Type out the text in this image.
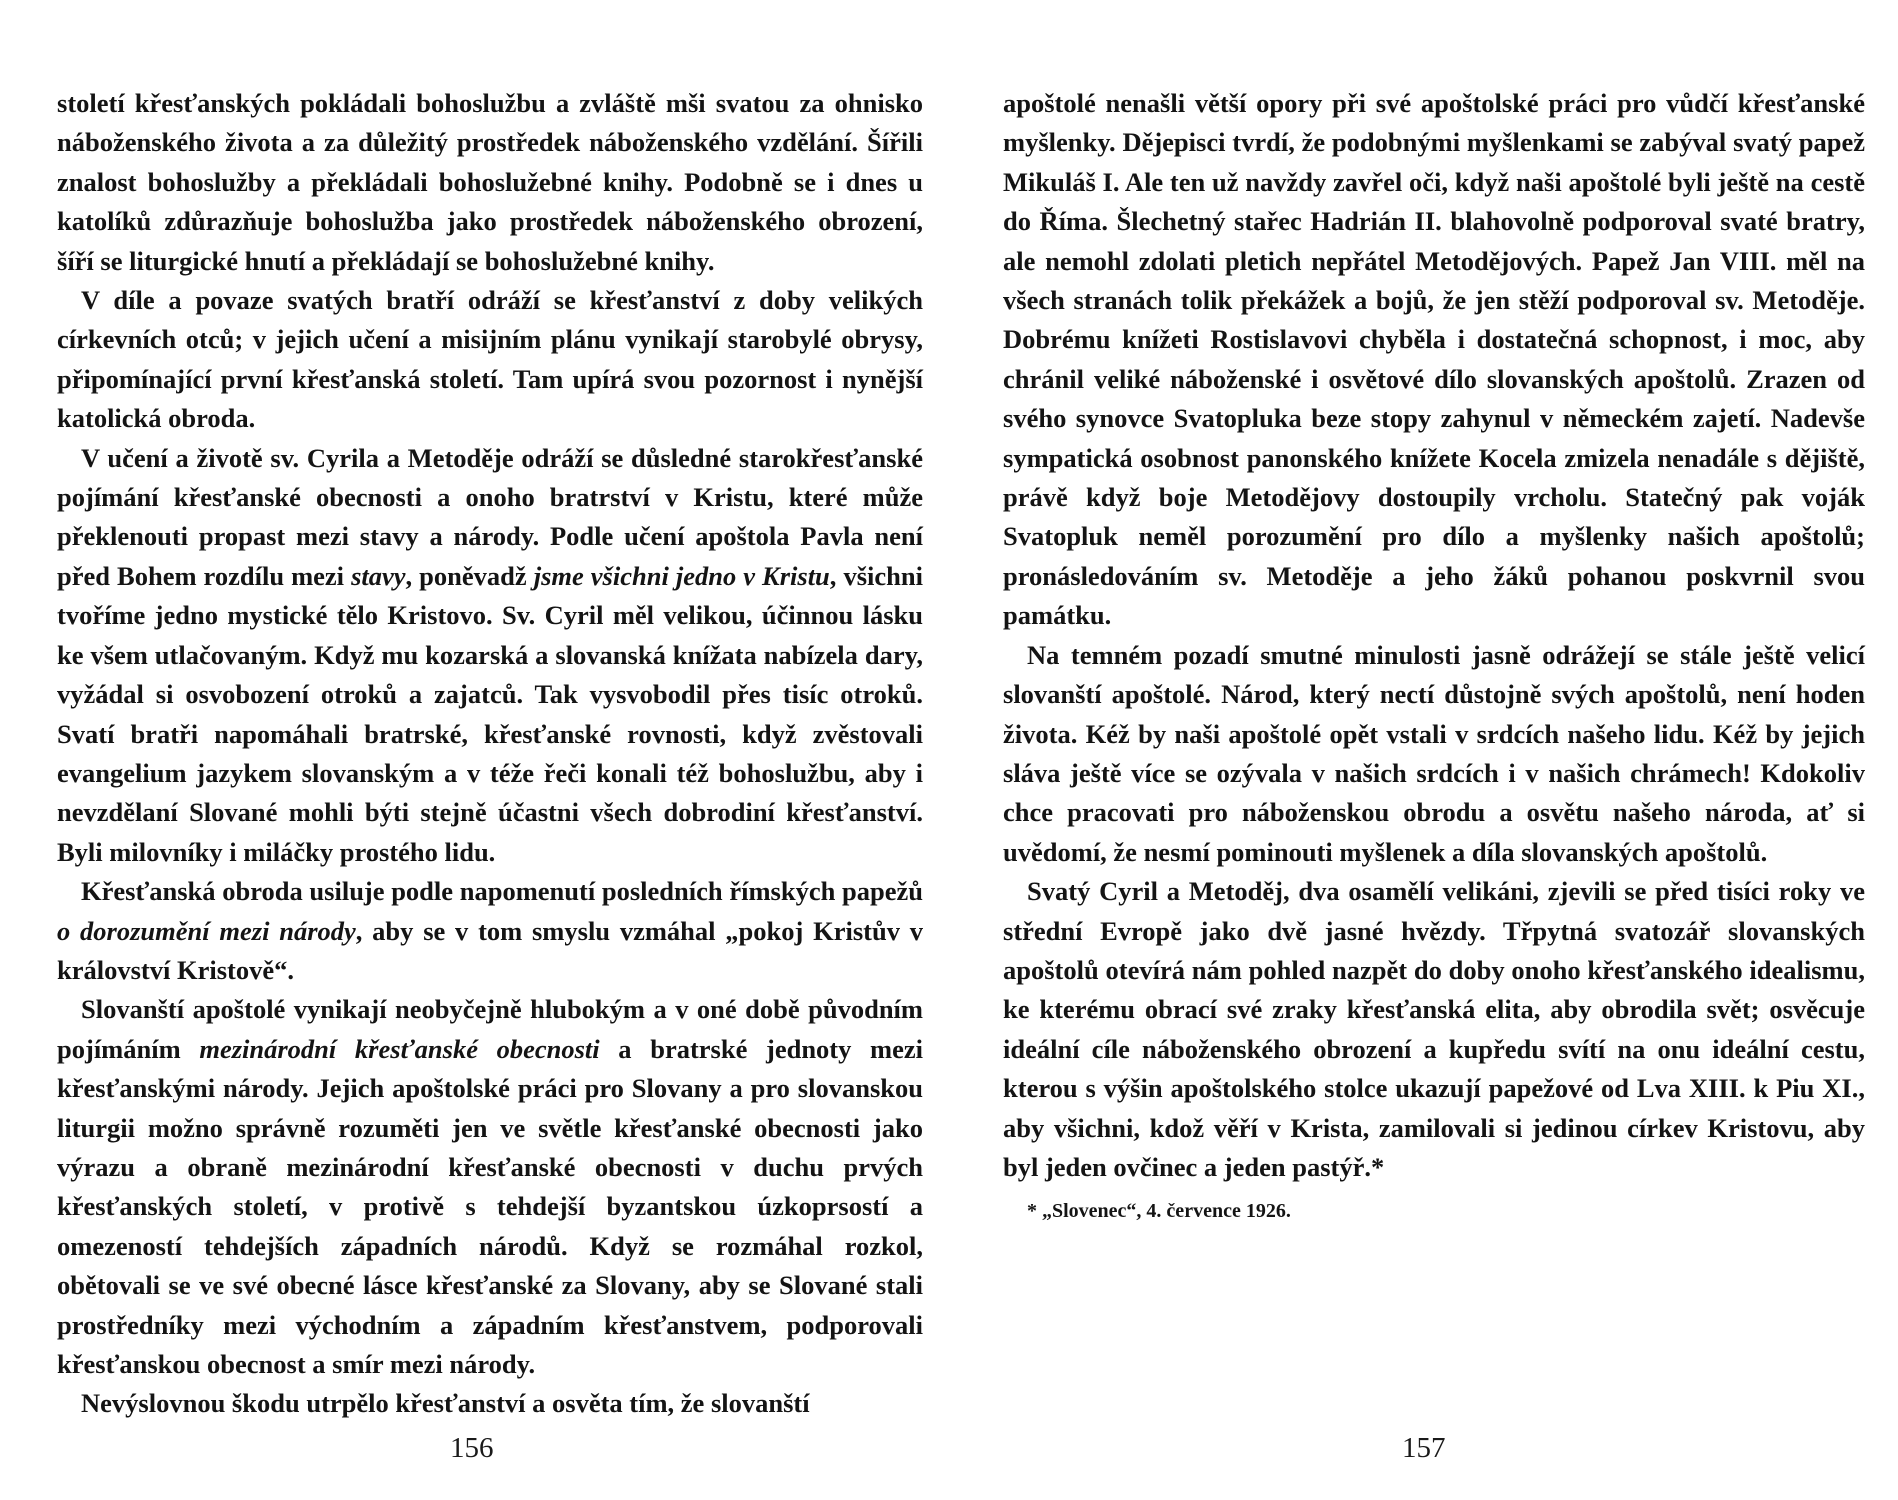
století křesťanských pokládali bohoslužbu a zvláště mši svatou za ohnisko náboženského života a za důležitý prostředek náboženského vzdělání. Šířili znalost bohoslužby a překládali bohoslužebné knihy. Podobně se i dnes u katolíků zdůrazňuje bohoslužba jako prostředek náboženského obrození, šíří se liturgické hnutí a překládají se bohoslužebné knihy.

V díle a povaze svatých bratří odráží se křesťanství z doby velikých církevních otců; v jejich učení a misijním plánu vynikají starobylé obrysy, připomínající první křesťanská století. Tam upírá svou pozornost i nynější katolická obroda.

V učení a životě sv. Cyrila a Metoděje odráží se důsledné starokřesťanské pojímání křesťanské obecnosti a onoho bratrství v Kristu, které může překlenouti propast mezi stavy a národy. Podle učení apoštola Pavla není před Bohem rozdílu mezi stavy, poněvadž jsme všichni jedno v Kristu, všichni tvoříme jedno mystické tělo Kristovo. Sv. Cyril měl velikou, účinnou lásku ke všem utlačovaným. Když mu kozarská a slovanská knížata nabízela dary, vyžádal si osvobození otroků a zajatců. Tak vysvobodil přes tisíc otroků. Svatí bratři napomáhali bratrské, křesťanské rovnosti, když zvěstovali evangelium jazykem slovanským a v téže řeči konali též bohoslužbu, aby i nevzdělaní Slované mohli býti stejně účastni všech dobrodiní křesťanství. Byli milovníky i miláčky prostého lidu.

Křesťanská obroda usiluje podle napomenutí posledních římských papežů o dorozumění mezi národy, aby se v tom smyslu vzmáhal „pokoj Kristův v království Kristově“.

Slovanští apoštolé vynikají neobyčejně hlubokým a v oné době původním pojímáním mezinárodní křesťanské obecnosti a bratrské jednoty mezi křesťanskými národy. Jejich apoštolské práci pro Slovany a pro slovanskou liturgii možno správně rozuměti jen ve světle křesťanské obecnosti jako výrazu a obraně mezinárodní křesťanské obecnosti v duchu prvých křesťanských století, v protivě s tehdejší byzantskou úzkoprsostí a omezeností tehdejších západních národů. Když se rozmáhal rozkol, obětovali se ve své obecné lásce křesťanské za Slovany, aby se Slované stali prostředníky mezi východním a západním křesťanstvem, podporovali křesťanskou obecnost a smír mezi národy.

Nevýslovnou škodu utrpělo křesťanství a osvěta tím, že slovanští

156

apoštolé nenašli větší opory při své apoštolské práci pro vůdčí křesťanské myšlenky. Dějepisci tvrdí, že podobnými myšlenkami se zabýval svatý papež Mikuláš I. Ale ten už navždy zavřel oči, když naši apoštolé byli ještě na cestě do Říma. Šlechetný stařec Hadrián II. blahovolně podporoval svaté bratry, ale nemohl zdolati pletich nepřátel Metodějových. Papež Jan VIII. měl na všech stranách tolik překážek a bojů, že jen stěží podporoval sv. Metoděje. Dobrému knížeti Rostislavovi chyběla i dostatečná schopnost, i moc, aby chránil veliké náboženské i osvětové dílo slovanských apoštolů. Zrazen od svého synovce Svatopluka beze stopy zahynul v německém zajetí. Nadevše sympatická osobnost panonského knížete Kocela zmizela nenadále s dějiště, právě když boje Metodějovy dostoupily vrcholu. Statečný pak voják Svatopluk neměl porozumění pro dílo a myšlenky našich apoštolů; pronásledováním sv. Metoděje a jeho žáků pohanou poskvrnil svou památku.

Na temném pozadí smutné minulosti jasně odrážejí se stále ještě velicí slovanští apoštolé. Národ, který nectí důstojně svých apoštolů, není hoden života. Kéž by naši apoštolé opět vstali v srdcích našeho lidu. Kéž by jejich sláva ještě více se ozývala v našich srdcích i v našich chrámech! Kdokoliv chce pracovati pro náboženskou obrodu a osvětu našeho národa, ať si uvědomí, že nesmí pominouti myšlenek a díla slovanských apoštolů.

Svatý Cyril a Metoděj, dva osamělí velikáni, zjevili se před tisíci roky ve střední Evropě jako dvě jasné hvězdy. Třpytná svatozář slovanských apoštolů otevírá nám pohled nazpět do doby onoho křesťanského idealismu, ke kterému obrací své zraky křesťanská elita, aby obrodila svět; osvěcuje ideální cíle náboženského obrození a kupředu svítí na onu ideální cestu, kterou s výšin apoštolského stolce ukazují papežové od Lva XIII. k Piu XI., aby všichni, kdož věří v Krista, zamilovali si jedinou církev Kristovu, aby byl jeden ovčinec a jeden pastýř.*

* „Slovenec“, 4. července 1926.

157
